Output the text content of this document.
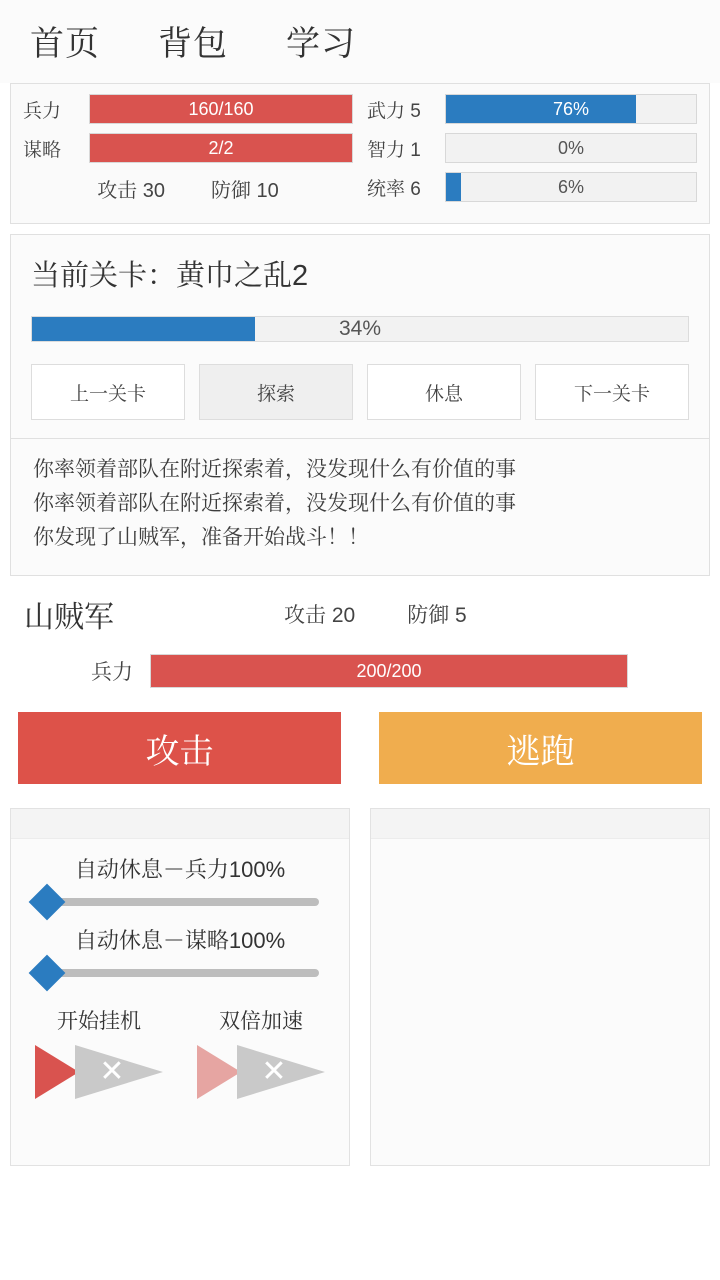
首页 背包 学习
兵力	160/160
谋略	2/2
攻击 30 防御 10
武力 5	76%
智力 1	0%
统率 6	6%
当前关卡：黄巾之乱2
34%
上一关卡	探索	休息	下一关卡
你率领着部队在附近探索着，没发现什么有价值的事
你率领着部队在附近探索着，没发现什么有价值的事
你发现了山贼军，准备开始战斗！！
山贼军	攻击 20 防御 5
兵力	200/200
攻击	逃跑
自动休息－兵力100%
自动休息－谋略100%
开始挂机
✕
双倍加速
✕
